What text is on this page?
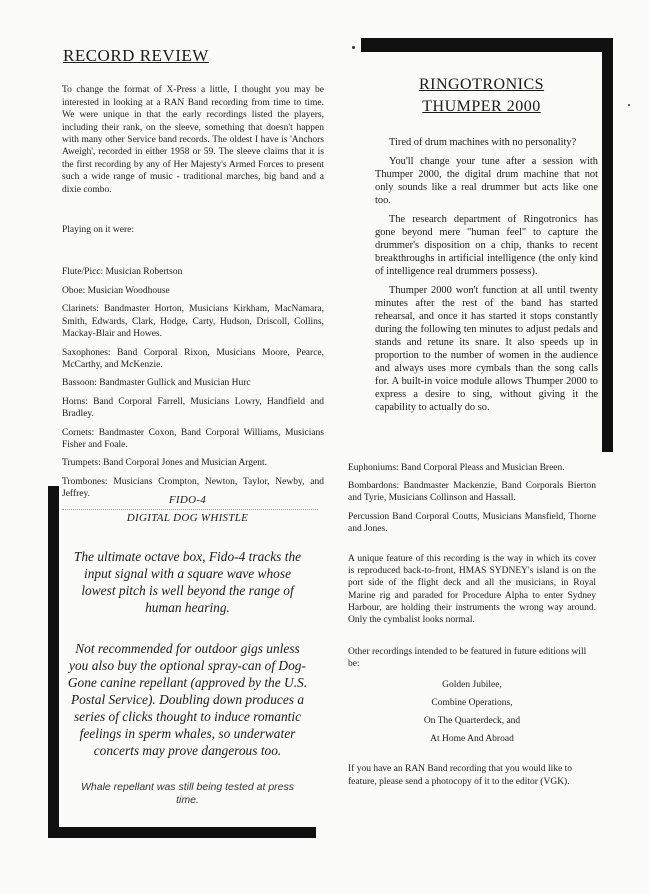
RECORD REVIEW

To change the format of X-Press a little, I thought you may be interested in looking at a RAN Band recording from time to time. We were unique in that the early recordings listed the players, including their rank, on the sleeve, something that doesn't happen with many other Service band records. The oldest I have is 'Anchors Aweigh', recorded in either 1958 or 59. The sleeve claims that it is the first recording by any of Her Majesty's Armed Forces to present such a wide range of music - traditional marches, big band and a dixie combo.

Playing on it were:

Flute/Picc: Musician Robertson

Oboe: Musician Woodhouse

Clarinets: Bandmaster Horton, Musicians Kirkham, MacNamara, Smith, Edwards, Clark, Hodge, Carty, Hudson, Driscoll, Collins, Mackay-Blair and Howes.

Saxophones: Band Corporal Rixon, Musicians Moore, Pearce, McCarthy, and McKenzie.

Bassoon: Bandmaster Gullick and Musician Hurc

Horns: Band Corporal Farrell, Musicians Lowry, Handfield and Bradley.

Cornets: Bandmaster Coxon, Band Corporal Williams, Musicians Fisher and Foale.

Trumpets: Band Corporal Jones and Musician Argent.

Trombones: Musicians Crompton, Newton, Taylor, Newby, and Jeffrey.	FIDO-4
DIGITAL DOG WHISTLE

The ultimate octave box, Fido-4 tracks the input signal with a square wave whose lowest pitch is well beyond the range of human hearing.

Not recommended for outdoor gigs unless you also buy the optional spray-can of Dog-Gone canine repellant (approved by the U.S. Postal Service). Doubling down produces a series of clicks thought to induce romantic feelings in sperm whales, so underwater concerts may prove dangerous too.

Whale repellant was still being tested at press time.

RINGOTRONICS
THUMPER 2000

Tired of drum machines with no personality?

You'll change your tune after a session with Thumper 2000, the digital drum machine that not only sounds like a real drummer but acts like one too.

The research department of Ringotronics has gone beyond mere "human feel" to capture the drummer's disposition on a chip, thanks to recent breakthroughs in artificial intelligence (the only kind of intelligence real drummers possess).

Thumper 2000 won't function at all until twenty minutes after the rest of the band has started rehearsal, and once it has started it stops constantly during the following ten minutes to adjust pedals and stands and retune its snare. It also speeds up in proportion to the number of women in the audience and always uses more cymbals than the song calls for. A built-in voice module allows Thumper 2000 to express a desire to sing, without giving it the capability to actually do so.

Euphoniums: Band Corporal Pleass and Musician Breen.

Bombardons: Bandmaster Mackenzie, Band Corporals Bierton and Tyrie, Musicians Collinson and Hassall.

Percussion Band Corporal Coutts, Musicians Mansfield, Thorne and Jones.

A unique feature of this recording is the way in which its cover is reproduced back-to-front, HMAS SYDNEY's island is on the port side of the flight deck and all the musicians, in Royal Marine rig and paraded for Procedure Alpha to enter Sydney Harbour, are holding their instruments the wrong way around. Only the cymbalist looks normal.

Other recordings intended to be featured in future editions will be:

Golden Jubilee,
Combine Operations,
On The Quarterdeck, and
At Home And Abroad

If you have an RAN Band recording that you would like to feature, please send a photocopy of it to the editor (VGK).
